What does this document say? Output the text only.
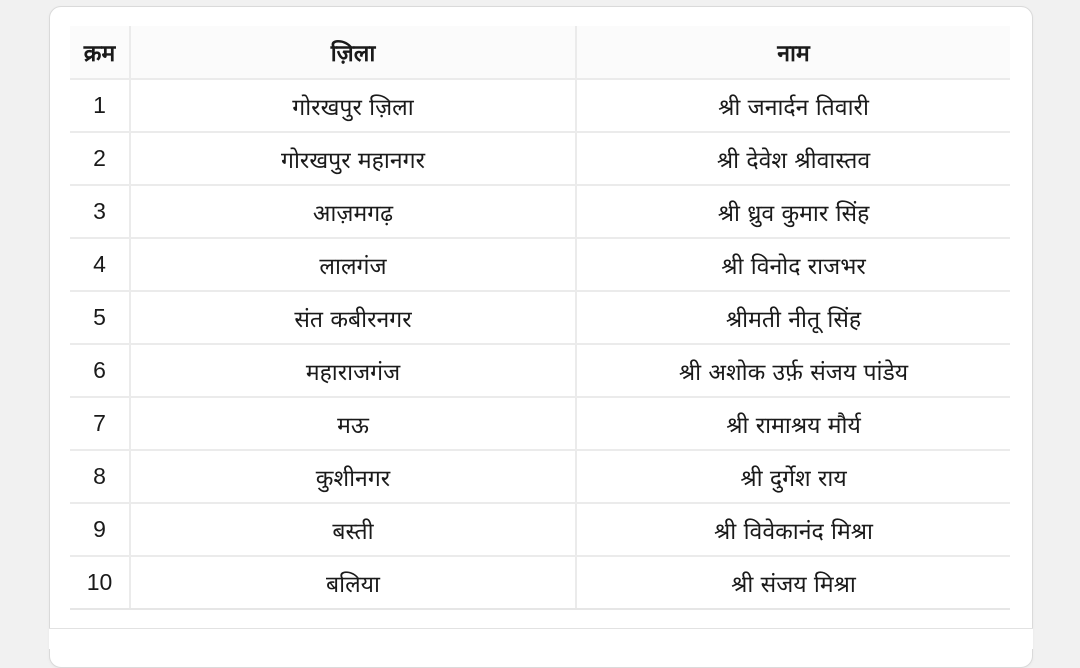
क्रम	ज़िला	नाम
1	गोरखपुर ज़िला	श्री जनार्दन तिवारी
2	गोरखपुर महानगर	श्री देवेश श्रीवास्तव
3	आज़मगढ़	श्री ध्रुव कुमार सिंह
4	लालगंज	श्री विनोद राजभर
5	संत कबीरनगर	श्रीमती नीतू सिंह
6	महाराजगंज	श्री अशोक उर्फ़ संजय पांडेय
7	मऊ	श्री रामाश्रय मौर्य
8	कुशीनगर	श्री दुर्गेश राय
9	बस्ती	श्री विवेकानंद मिश्रा
10	बलिया	श्री संजय मिश्रा
